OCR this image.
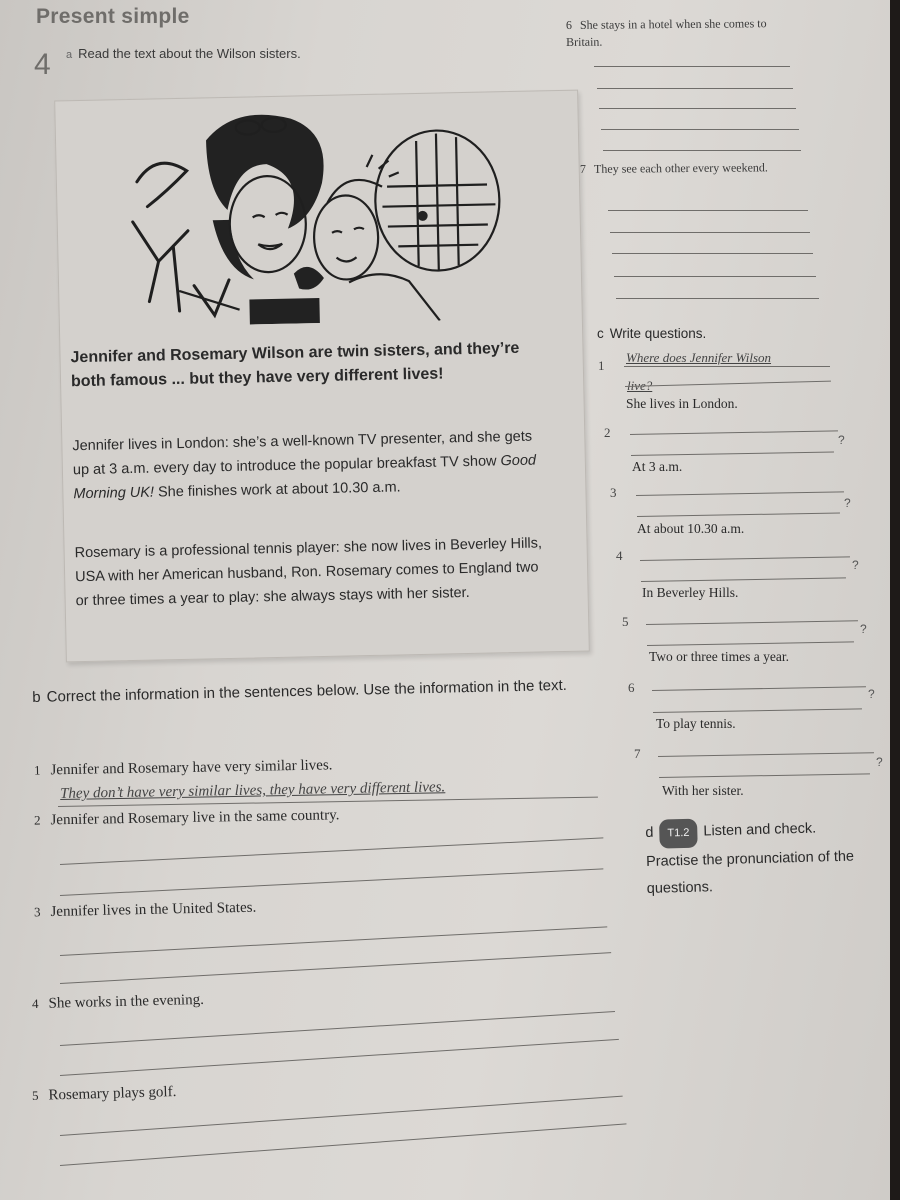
Present simple
4 a Read the text about the Wilson sisters.
Jennifer and Rosemary Wilson are twin sisters, and they’re both famous ... but they have very different lives!
Jennifer lives in London: she’s a well-known TV presenter, and she gets up at 3 a.m. every day to introduce the popular breakfast TV show Good Morning UK! She finishes work at about 10.30 a.m.
Rosemary is a professional tennis player: she now lives in Beverley Hills, USA with her American husband, Ron. Rosemary comes to England two or three times a year to play: she always stays with her sister.
6 She stays in a hotel when she comes to Britain.
7 They see each other every weekend.
c Write questions.
1
Where does Jennifer Wilson
live?
She lives in London.
2	?
At 3 a.m.
3
?
At about 10.30 a.m.
4
?
In Beverley Hills.
5	?
Two or three times a year.
6	?
To play tennis.
7
?
With her sister.
b Correct the information in the sentences below. Use the information in the text.
1 Jennifer and Rosemary have very similar lives.
They don’t have very similar lives, they have very different lives.
2 Jennifer and Rosemary live in the same country.
3 Jennifer lives in the United States.
4 She works in the evening.
5 Rosemary plays golf.
d T1.2 Listen and check.
Practise the pronunciation of the questions.
